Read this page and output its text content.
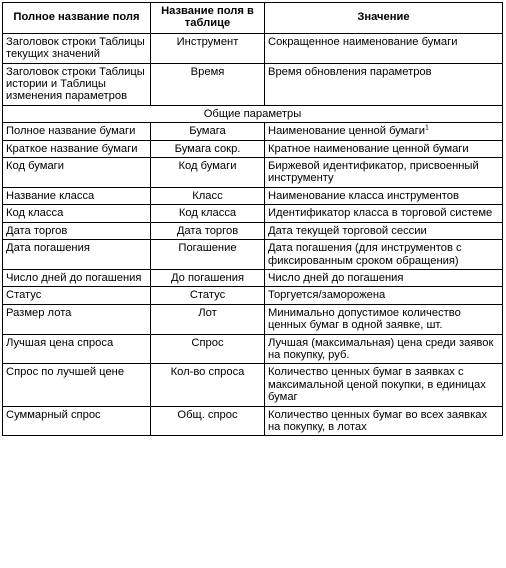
Полное название поля	Название поля в таблице	Значение
Заголовок строки Таблицы текущих значений	Инструмент	Сокращенное наименование бумаги
Заголовок строки Таблицы истории и Таблицы изменения параметров	Время	Время обновления параметров
Общие параметры		
Полное название бумаги	Бумага	Наименование ценной бумаги$^1$
Краткое название бумаги	Бумага сокр.	Кратное наименование ценной бумаги
Код бумаги	Код бумаги	Биржевой идентификатор, присвоенный инструменту
Название класса	Класс	Наименование класса инструментов
Код класса	Код класса	Идентификатор класса в торговой системе
Дата торгов	Дата торгов	Дата текущей торговой сессии
Дата погашения	Погашение	Дата погашения (для инструментов с фиксированным сроком обращения)
Число дней до погашения	До погашения	Число дней до погашения
Статус	Статус	Торгуется/заморожена
Размер лота	Лот	Минимально допустимое количество ценных бумаг в одной заявке, шт.
Лучшая цена спроса	Спрос	Лучшая (максимальная) цена среди заявок на покупку, руб.
Спрос по лучшей цене	Кол-во спроса	Количество ценных бумаг в заявках с максимальной ценой покупки, в единицах бумаг
Суммарный спрос	Общ. спрос	Количество ценных бумаг во всех заявках на покупку, в лотах
